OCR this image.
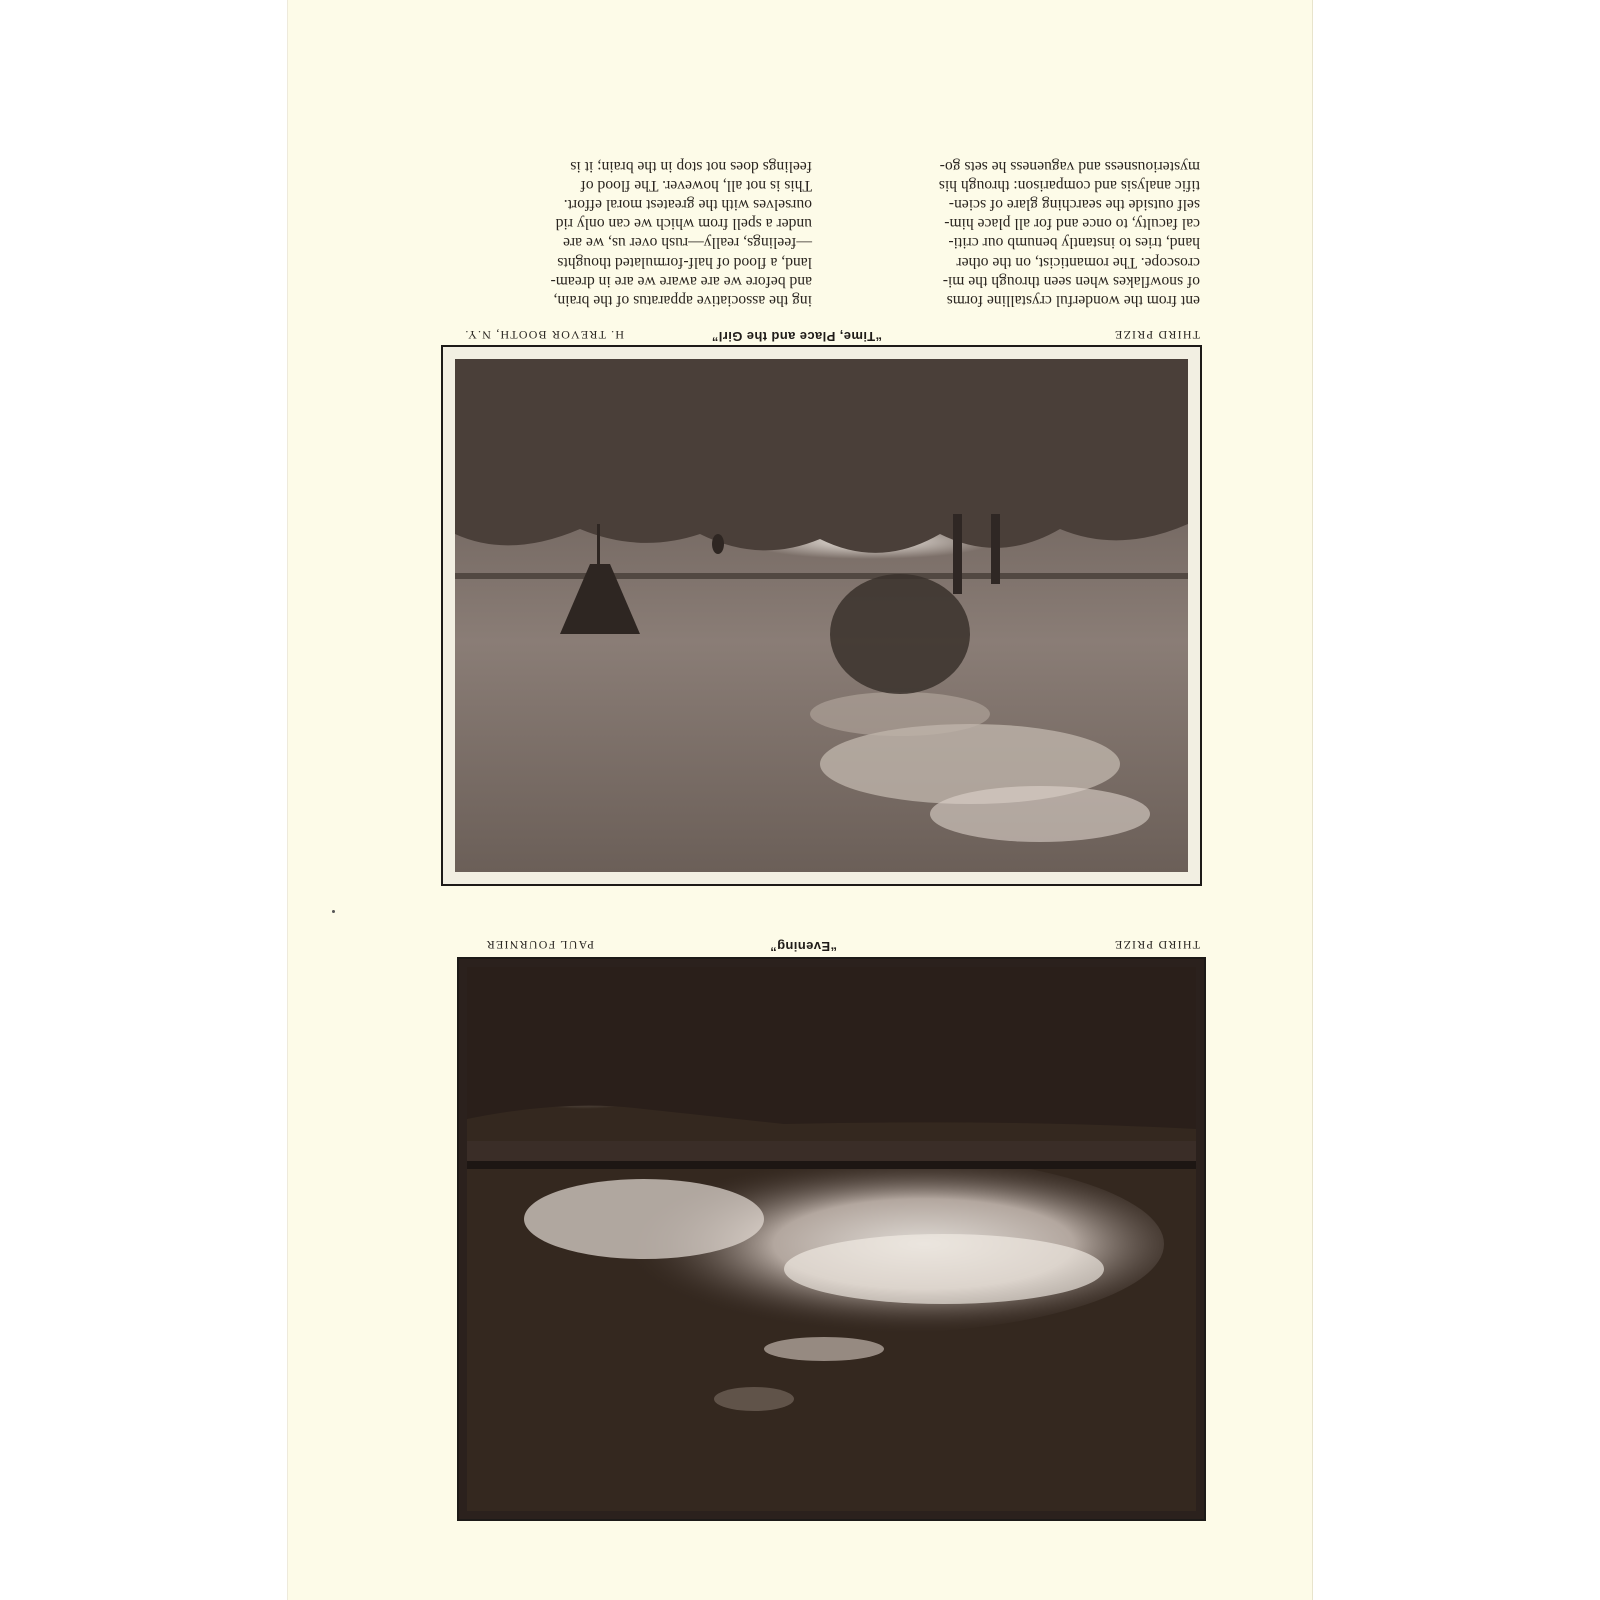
ent from the wonderful crystalline forms
of snowflakes when seen through the mi-
croscope. The romanticist, on the other
hand, tries to instantly benumb our criti-
cal faculty, to once and for all place him-
self outside the searching glare of scien-
tific analysis and comparison: through his
mysteriousness and vagueness he sets go-

ing the associative apparatus of the brain,
and before we are aware we are in dream-
land, a flood of half-formulated thoughts
—feelings, really—rush over us, we are
under a spell from which we can only rid
ourselves with the greatest moral effort.
This is not all, however. The flood of
feelings does not stop in the brain; it is

THIRD PRIZE
“Time, Place and the Girl”
H. TREVOR BOOTH, N.Y.
THIRD PRIZE
“Evening”
PAUL FOURNIER
